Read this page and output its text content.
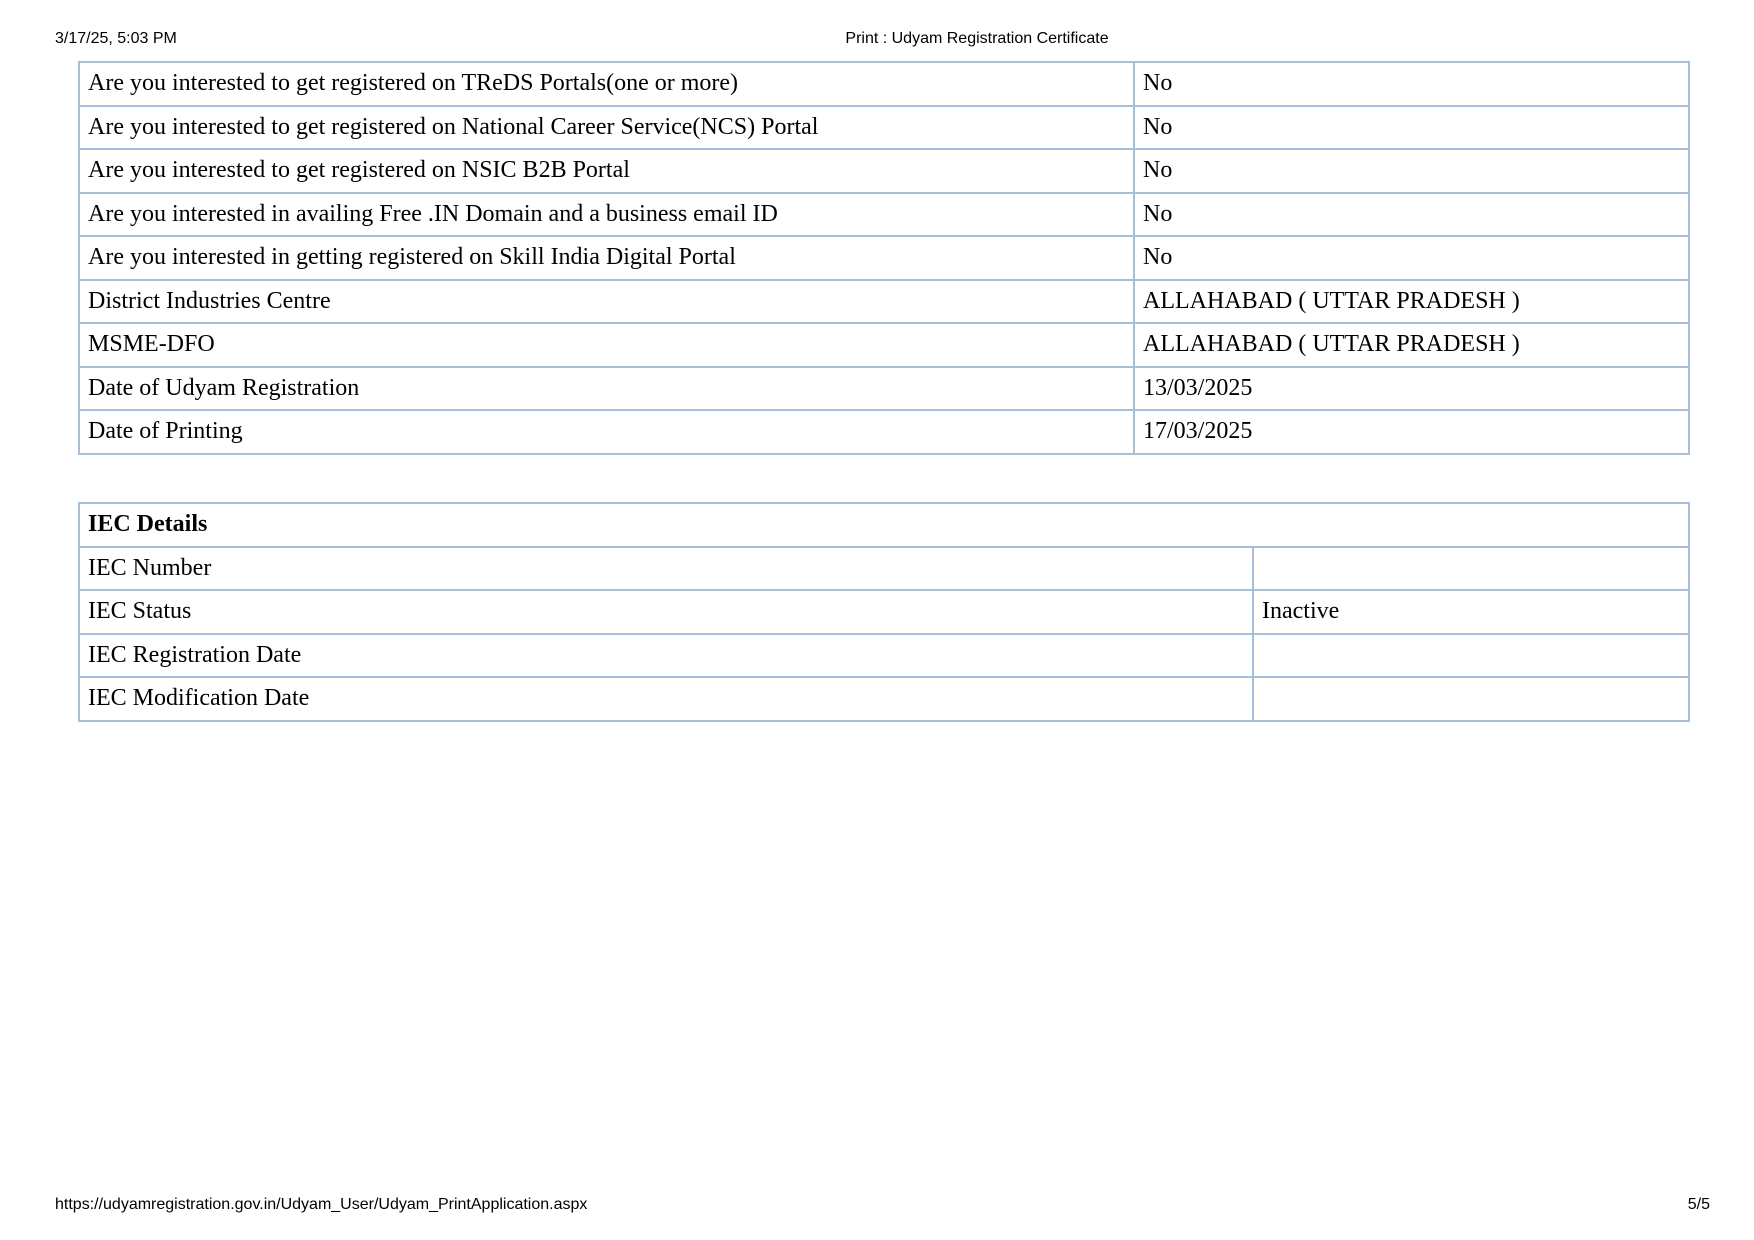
3/17/25, 5:03 PM	Print : Udyam Registration Certificate
Are you interested to get registered on TReDS Portals(one or more)	No
Are you interested to get registered on National Career Service(NCS) Portal	No
Are you interested to get registered on NSIC B2B Portal	No
Are you interested in availing Free .IN Domain and a business email ID	No
Are you interested in getting registered on Skill India Digital Portal	No
District Industries Centre	ALLAHABAD ( UTTAR PRADESH )
MSME-DFO	ALLAHABAD ( UTTAR PRADESH )
Date of Udyam Registration	13/03/2025
Date of Printing	17/03/2025
IEC Details	
IEC Number	
IEC Status	Inactive
IEC Registration Date	
IEC Modification Date	
https://udyamregistration.gov.in/Udyam_User/Udyam_PrintApplication.aspx	5/5
